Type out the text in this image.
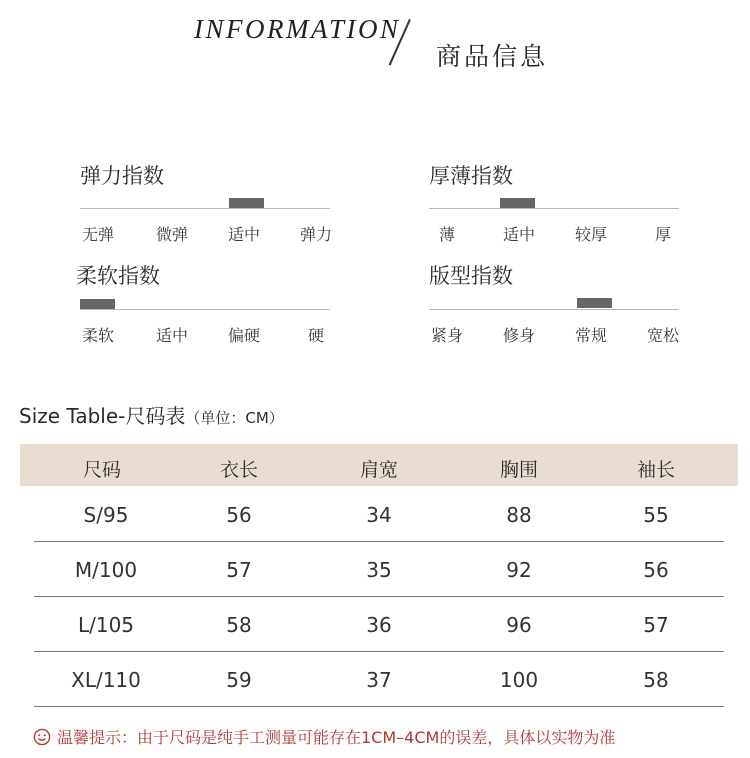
INFORMATION
商品信息
弹力指数
无弹	微弹 适中 弹力
厚薄指数
薄	适中 较厚	厚
柔软指数
柔软	适中 偏硬	硬
版型指数
紧身 修身 常规 宽松
Size Table-尺码表（单位：CM）
尺码	衣长	肩宽	胸围	袖长
S/95	56	34	88	55
M/100	57	35	92	56
L/105	58	36	96	57
XL/110	59	37	100	58
温馨提示：由于尺码是纯手工测量可能存在1CM–4CM的误差，具体以实物为准
